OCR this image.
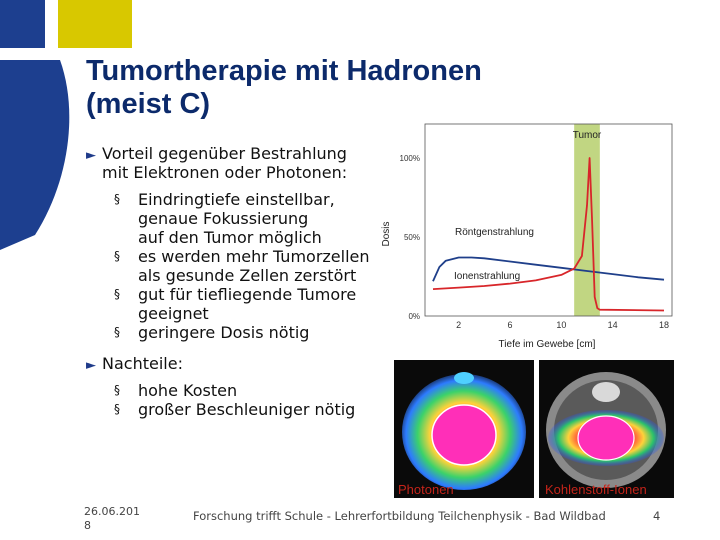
Tumortherapie mit Hadronen
(meist C)
► Vorteil gegenüber Bestrahlung
mit Elektronen oder Photonen:
§ Eindringtiefe einstellbar,
genaue Fokussierung
auf den Tumor möglich
§ es werden mehr Tumorzellen
als gesunde Zellen zerstört
§ gut für tiefliegende Tumore
geeignet
§ geringere Dosis nötig
► Nachteile:
§ hohe Kosten
§ großer Beschleuniger nötig
Tumor
0%
50%
100%
2	6	10	14	18
Röntgenstrahlung
Ionenstrahlung
Dosis
Tiefe im Gewebe [cm]
Photonen	Kohlenstoff-Ionen
26.06.2018
Forschung trifft Schule - Lehrerfortbildung Teilchenphysik - Bad Wildbad	4
